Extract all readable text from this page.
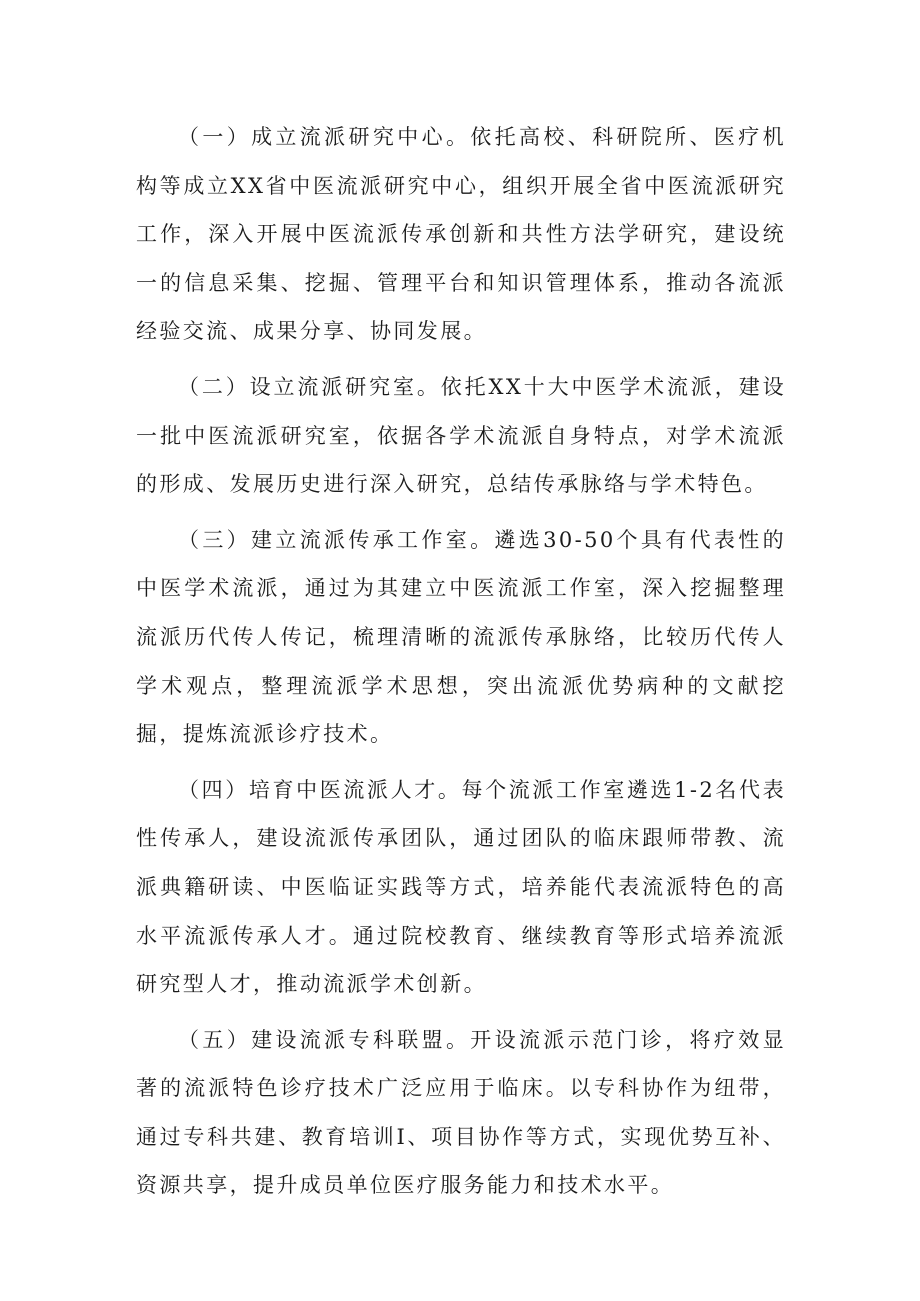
（一）成立流派研究中心。依托高校、科研院所、医疗机构等成立XX省中医流派研究中心，组织开展全省中医流派研究工作，深入开展中医流派传承创新和共性方法学研究，建设统一的信息采集、挖掘、管理平台和知识管理体系，推动各流派经验交流、成果分享、协同发展。

（二）设立流派研究室。依托XX十大中医学术流派，建设一批中医流派研究室，依据各学术流派自身特点，对学术流派的形成、发展历史进行深入研究，总结传承脉络与学术特色。

（三）建立流派传承工作室。遴选30-50个具有代表性的中医学术流派，通过为其建立中医流派工作室，深入挖掘整理流派历代传人传记，梳理清晰的流派传承脉络，比较历代传人学术观点，整理流派学术思想，突出流派优势病种的文献挖掘，提炼流派诊疗技术。

（四）培育中医流派人才。每个流派工作室遴选1-2名代表性传承人，建设流派传承团队，通过团队的临床跟师带教、流派典籍研读、中医临证实践等方式，培养能代表流派特色的高水平流派传承人才。通过院校教育、继续教育等形式培养流派研究型人才，推动流派学术创新。

（五）建设流派专科联盟。开设流派示范门诊，将疗效显著的流派特色诊疗技术广泛应用于临床。以专科协作为纽带，通过专科共建、教育培训I、项目协作等方式，实现优势互补、资源共享，提升成员单位医疗服务能力和技术水平。
